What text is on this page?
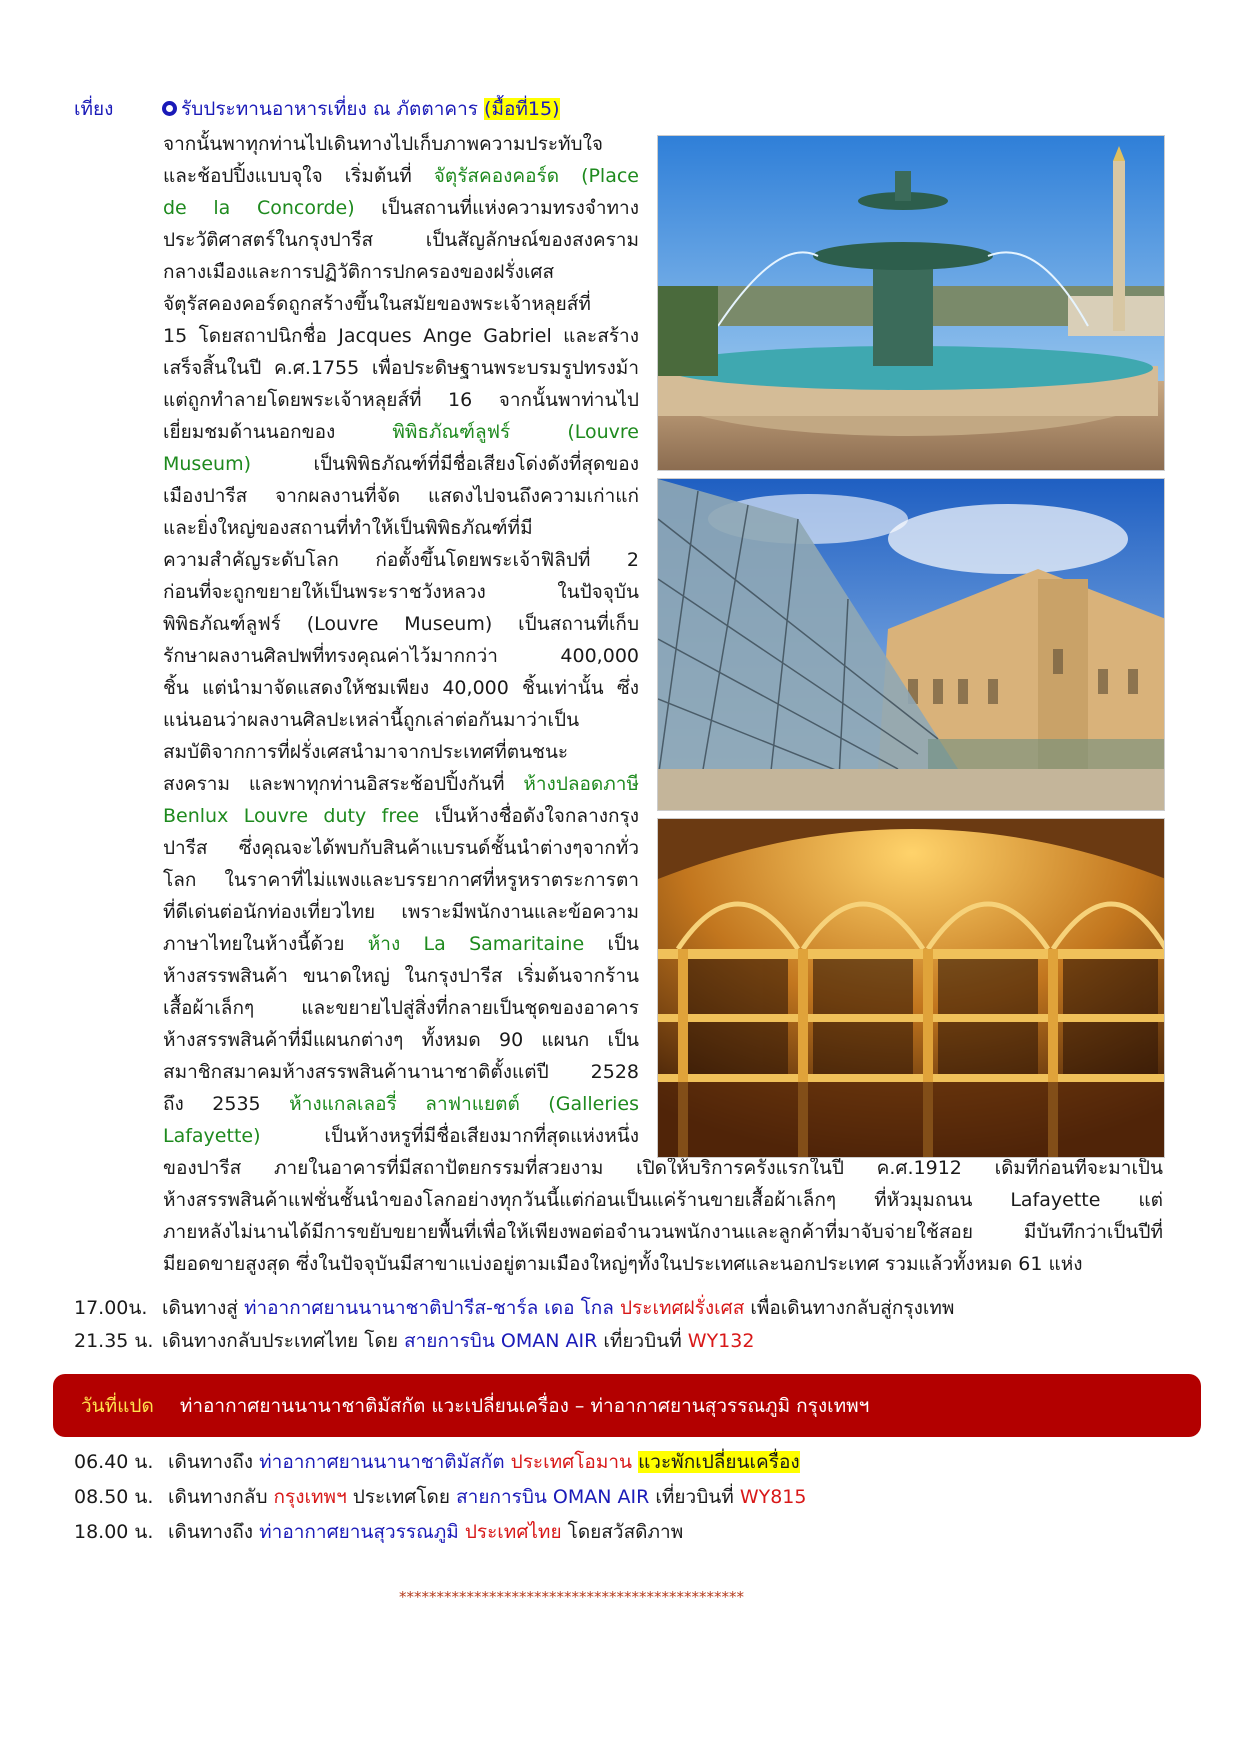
เที่ยง	รับประทานอาหารเที่ยง ณ ภัตตาคาร (มื้อที่15)
จากนั้นพาทุกท่านไปเดินทางไปเก็บภาพความประทับใจ
และช้อปปิ้งแบบจุใจ เริ่มต้นที่ จัตุรัสคองคอร์ด (Place
de la Concorde) เป็นสถานที่แห่งความทรงจำทาง
ประวัติศาสตร์ในกรุงปารีส เป็นสัญลักษณ์ของสงคราม
กลางเมืองและการปฏิวัติการปกครองของฝรั่งเศส
จัตุรัสคองคอร์ดถูกสร้างขึ้นในสมัยของพระเจ้าหลุยส์ที่
15 โดยสถาปนิกชื่อ Jacques Ange Gabriel และสร้าง
เสร็จสิ้นในปี ค.ศ.1755 เพื่อประดิษฐานพระบรมรูปทรงม้า
แต่ถูกทำลายโดยพระเจ้าหลุยส์ที่ 16 จากนั้นพาท่านไป
เยี่ยมชมด้านนอกของ พิพิธภัณฑ์ลูฟร์ (Louvre
Museum) เป็นพิพิธภัณฑ์ที่มีชื่อเสียงโด่งดังที่สุดของ
เมืองปารีส จากผลงานที่จัด แสดงไปจนถึงความเก่าแก่
และยิ่งใหญ่ของสถานที่ทำให้เป็นพิพิธภัณฑ์ที่มี
ความสำคัญระดับโลก ก่อตั้งขึ้นโดยพระเจ้าฟิลิปที่ 2
ก่อนที่จะถูกขยายให้เป็นพระราชวังหลวง ในปัจจุบัน
พิพิธภัณฑ์ลูฟร์ (Louvre Museum) เป็นสถานที่เก็บ
รักษาผลงานศิลปพที่ทรงคุณค่าไว้มากกว่า 400,000
ชิ้น แต่นำมาจัดแสดงให้ชมเพียง 40,000 ชิ้นเท่านั้น ซึ่ง
แน่นอนว่าผลงานศิลปะเหล่านี้ถูกเล่าต่อกันมาว่าเป็น
สมบัติจากการที่ฝรั่งเศสนำมาจากประเทศที่ตนชนะ
สงคราม และพาทุกท่านอิสระช้อปปิ้งกันที่ ห้างปลอดภาษี
Benlux Louvre duty free เป็นห้างชื่อดังใจกลางกรุง
ปารีส ซึ่งคุณจะได้พบกับสินค้าแบรนด์ชั้นนำต่างๆจากทั่ว
โลก ในราคาที่ไม่แพงและบรรยากาศที่หรูหราตระการตา
ที่ดีเด่นต่อนักท่องเที่ยวไทย เพราะมีพนักงานและข้อความ
ภาษาไทยในห้างนี้ด้วย ห้าง La Samaritaine เป็น
ห้างสรรพสินค้า ขนาดใหญ่ ในกรุงปารีส เริ่มต้นจากร้าน
เสื้อผ้าเล็กๆ และขยายไปสู่สิ่งที่กลายเป็นชุดของอาคาร
ห้างสรรพสินค้าที่มีแผนกต่างๆ ทั้งหมด 90 แผนก เป็น
สมาชิกสมาคมห้างสรรพสินค้านานาชาติตั้งแต่ปี 2528
ถึง 2535 ห้างแกลเลอรี่ ลาฟาแยตต์ (Galleries
Lafayette) เป็นห้างหรูที่มีชื่อเสียงมากที่สุดแห่งหนึ่ง
ของปารีส ภายในอาคารที่มีสถาปัตยกรรมที่สวยงาม เปิดให้บริการครั้งแรกในปี ค.ศ.1912 เดิมทีก่อนที่จะมาเป็น
ห้างสรรพสินค้าแฟชั่นชั้นนำของโลกอย่างทุกวันนี้แต่ก่อนเป็นแค่ร้านขายเสื้อผ้าเล็กๆ ที่หัวมุมถนน Lafayette แต่
ภายหลังไม่นานได้มีการขยับขยายพื้นที่เพื่อให้เพียงพอต่อจำนวนพนักงานและลูกค้าที่มาจับจ่ายใช้สอย มีบันทึกว่าเป็นปีที่
มียอดขายสูงสุด ซึ่งในปัจจุบันมีสาขาแบ่งอยู่ตามเมืองใหญ่ๆทั้งในประเทศและนอกประเทศ รวมแล้วทั้งหมด 61 แห่ง
17.00น. เดินทางสู่ ท่าอากาศยานนานาชาติปารีส-ชาร์ล เดอ โกล ประเทศฝรั่งเศส เพื่อเดินทางกลับสู่กรุงเทพ
21.35 น. เดินทางกลับประเทศไทย โดย สายการบิน OMAN AIR เที่ยวบินที่ WY132
วันที่แปด ท่าอากาศยานนานาชาติมัสกัต แวะเปลี่ยนเครื่อง – ท่าอากาศยานสุวรรณภูมิ กรุงเทพฯ
06.40 น. เดินทางถึง ท่าอากาศยานนานาชาติมัสกัต ประเทศโอมาน แวะพักเปลี่ยนเครื่อง
08.50 น. เดินทางกลับ กรุงเทพฯ ประเทศโดย สายการบิน OMAN AIR เที่ยวบินที่ WY815
18.00 น. เดินทางถึง ท่าอากาศยานสุวรรณภูมิ ประเทศไทย โดยสวัสดิภาพ
**********************************************
